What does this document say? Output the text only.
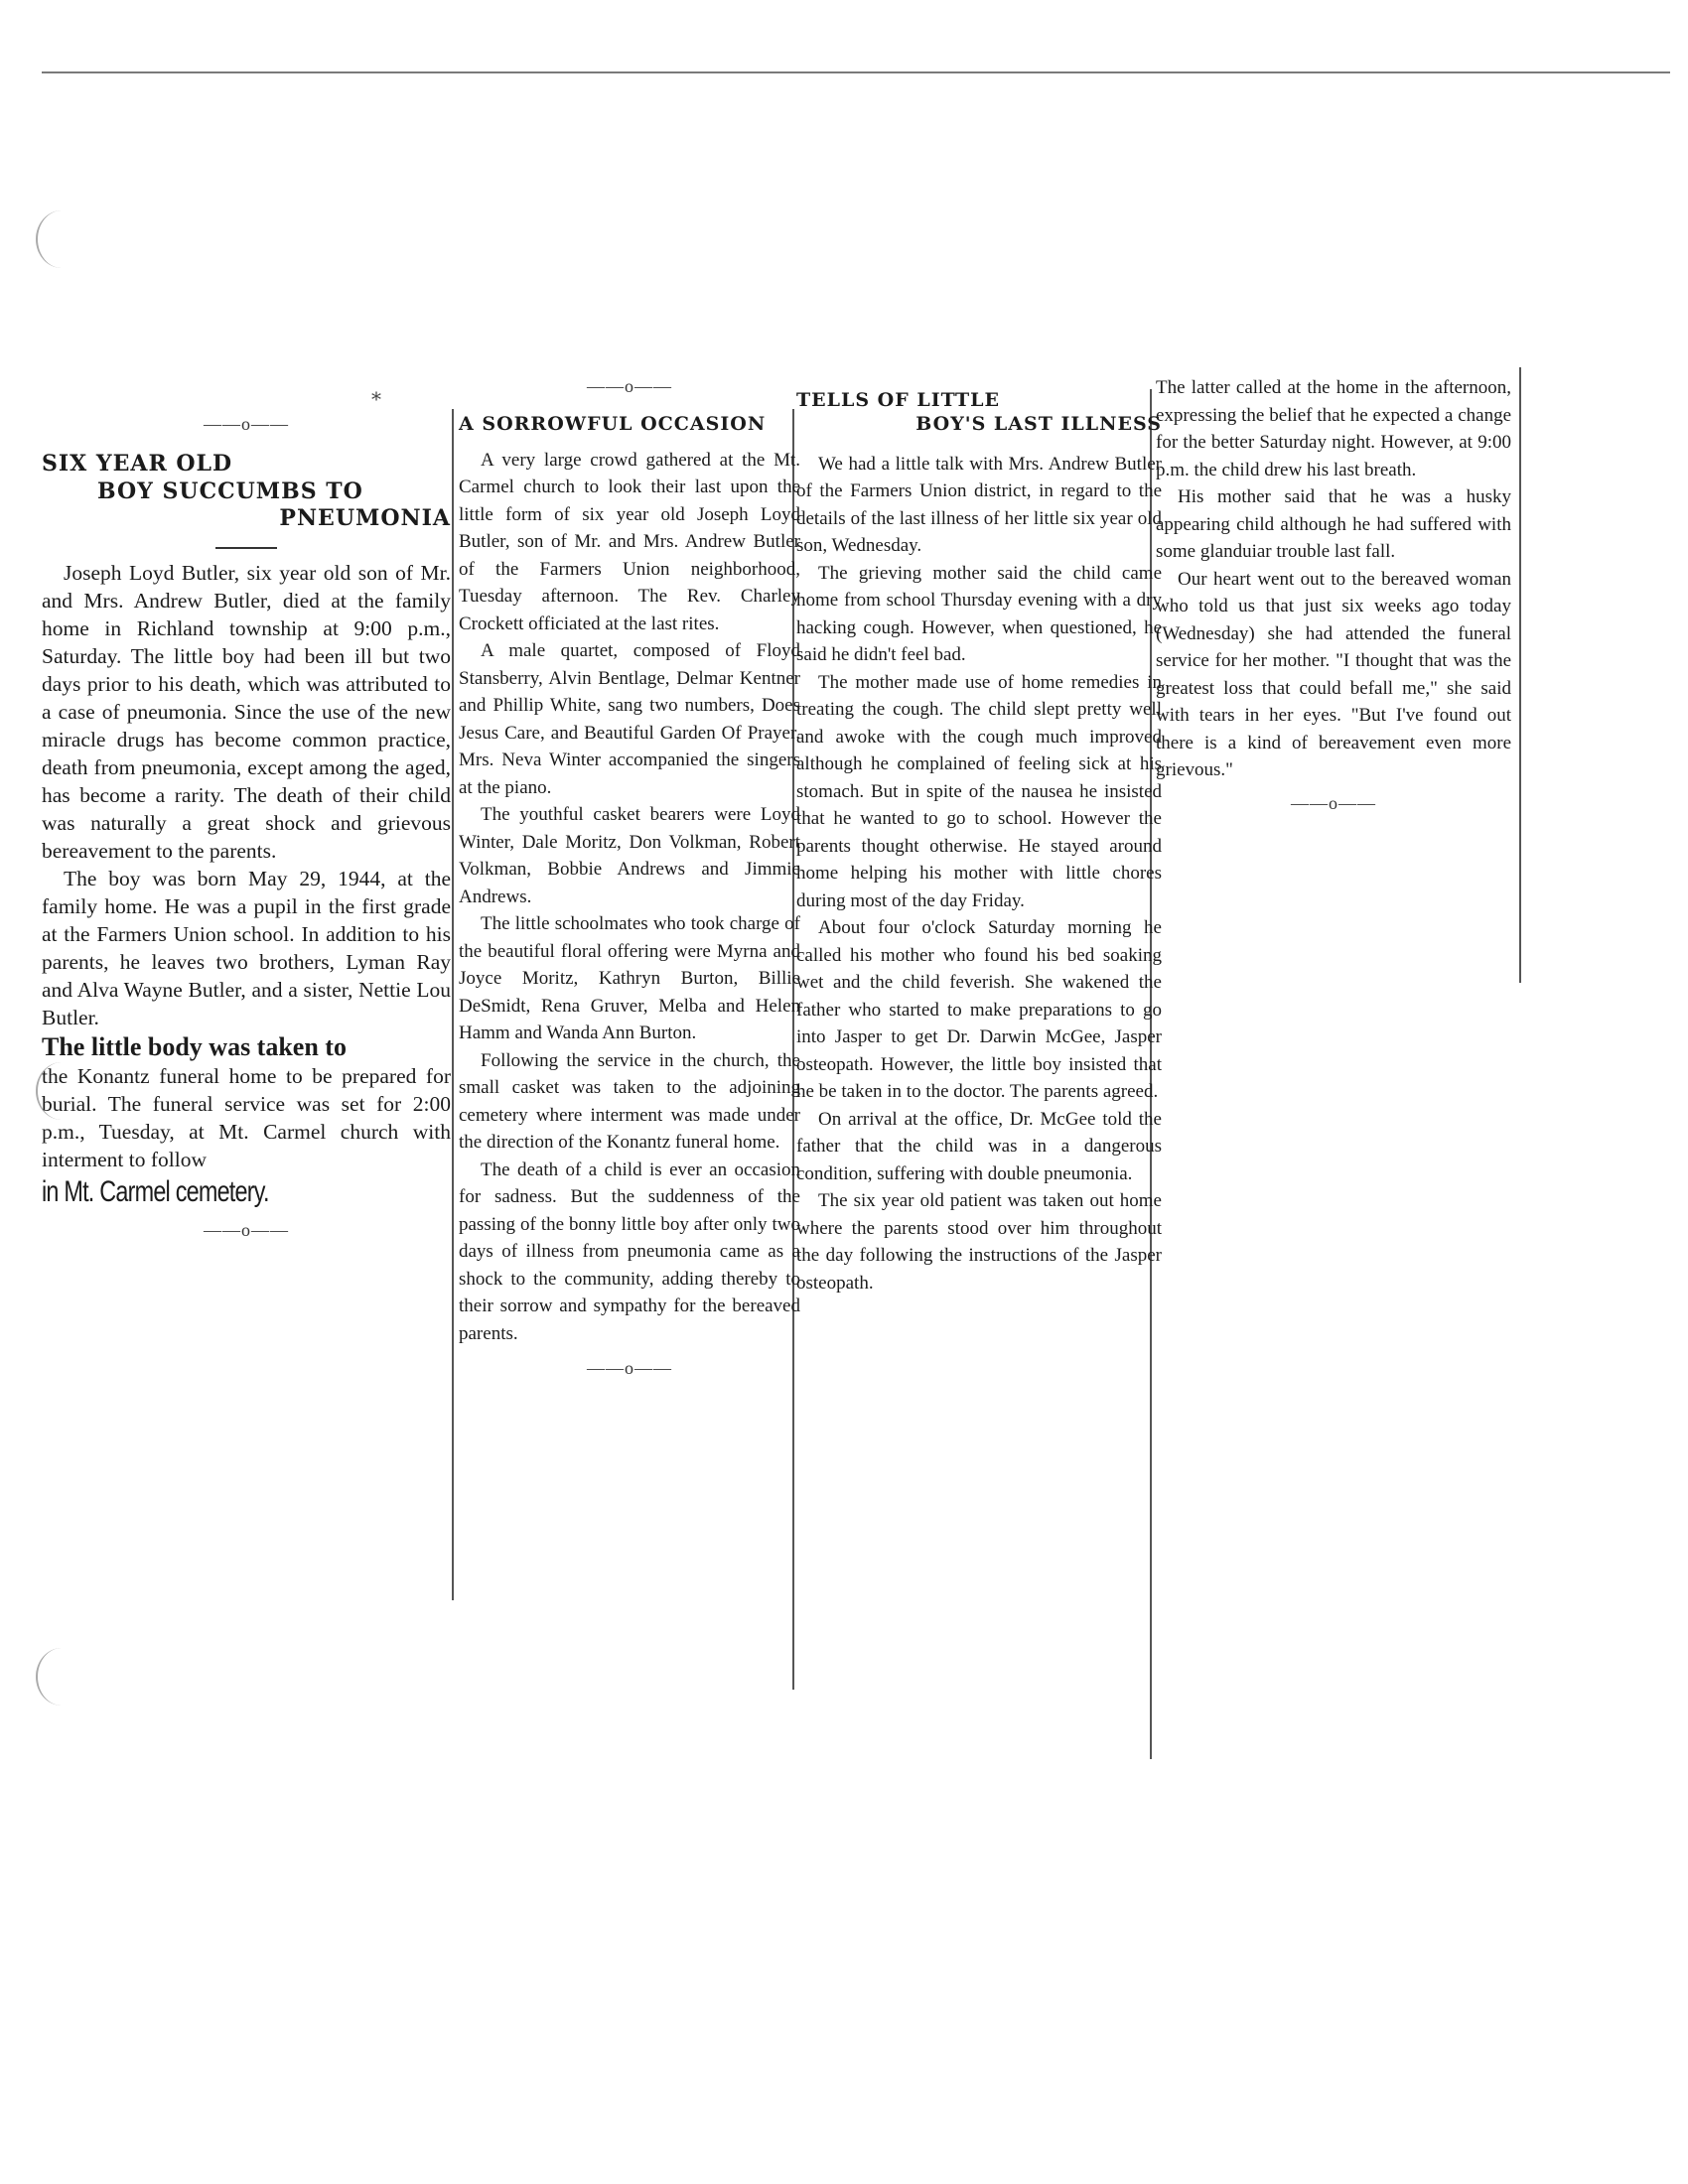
⁎
——o——
SIX YEAR OLD
BOY SUCCUMBS TO
PNEUMONIA

Joseph Loyd Butler, six year old son of Mr. and Mrs. Andrew Butler, died at the family home in Richland township at 9:00 p.m., Saturday. The little boy had been ill but two days prior to his death, which was attributed to a case of pneumonia. Since the use of the new miracle drugs has become common practice, death from pneumonia, except among the aged, has become a rarity. The death of their child was naturally a great shock and grievous bereavement to the parents.

The boy was born May 29, 1944, at the family home. He was a pupil in the first grade at the Farmers Union school. In addition to his parents, he leaves two brothers, Lyman Ray and Alva Wayne Butler, and a sister, Nettie Lou Butler.

The little body was taken to

the Konantz funeral home to be prepared for burial. The funeral service was set for 2:00 p.m., Tuesday, at Mt. Carmel church with interment to follow

in Mt. Carmel cemetery.

——o——
——o——
A SORROWFUL OCCASION

A very large crowd gathered at the Mt. Carmel church to look their last upon the little form of six year old Joseph Loyd Butler, son of Mr. and Mrs. Andrew Butler of the Farmers Union neighborhood, Tuesday afternoon. The Rev. Charley Crockett officiated at the last rites.

A male quartet, composed of Floyd Stansberry, Alvin Bentlage, Delmar Kentner and Phillip White, sang two numbers, Does Jesus Care, and Beautiful Garden Of Prayer. Mrs. Neva Winter accompanied the singers at the piano.

The youthful casket bearers were Loyd Winter, Dale Moritz, Don Volkman, Robert Volkman, Bobbie Andrews and Jimmie Andrews.

The little schoolmates who took charge of the beautiful floral offering were Myrna and Joyce Moritz, Kathryn Burton, Billie DeSmidt, Rena Gruver, Melba and Helen Hamm and Wanda Ann Burton.

Following the service in the church, the small casket was taken to the adjoining cemetery where interment was made under the direction of the Konantz funeral home.

The death of a child is ever an occasion for sadness. But the suddenness of the passing of the bonny little boy after only two days of illness from pneumonia came as a shock to the community, adding thereby to their sorrow and sympathy for the bereaved parents.

——o——
TELLS OF LITTLE
BOY'S LAST ILLNESS

We had a little talk with Mrs. Andrew Butler of the Farmers Union district, in regard to the details of the last illness of her little six year old son, Wednesday.

The grieving mother said the child came home from school Thursday evening with a dry hacking cough. However, when questioned, he said he didn't feel bad.

The mother made use of home remedies in treating the cough. The child slept pretty well and awoke with the cough much improved although he complained of feeling sick at his stomach. But in spite of the nausea he insisted that he wanted to go to school. However the parents thought otherwise. He stayed around home helping his mother with little chores during most of the day Friday.

About four o'clock Saturday morning he called his mother who found his bed soaking wet and the child feverish. She wakened the father who started to make preparations to go into Jasper to get Dr. Darwin McGee, Jasper osteopath. However, the little boy insisted that he be taken in to the doctor. The parents agreed.

On arrival at the office, Dr. McGee told the father that the child was in a dangerous condition, suffering with double pneumonia.

The six year old patient was taken out home where the parents stood over him throughout the day following the instructions of the Jasper osteopath.

The latter called at the home in the afternoon, expressing the belief that he expected a change for the better Saturday night. However, at 9:00 p.m. the child drew his last breath.

His mother said that he was a husky appearing child although he had suffered with some glanduiar trouble last fall.

Our heart went out to the bereaved woman who told us that just six weeks ago today (Wednesday) she had attended the funeral service for her mother. "I thought that was the greatest loss that could befall me," she said with tears in her eyes. "But I've found out there is a kind of bereavement even more grievous."

——o——
